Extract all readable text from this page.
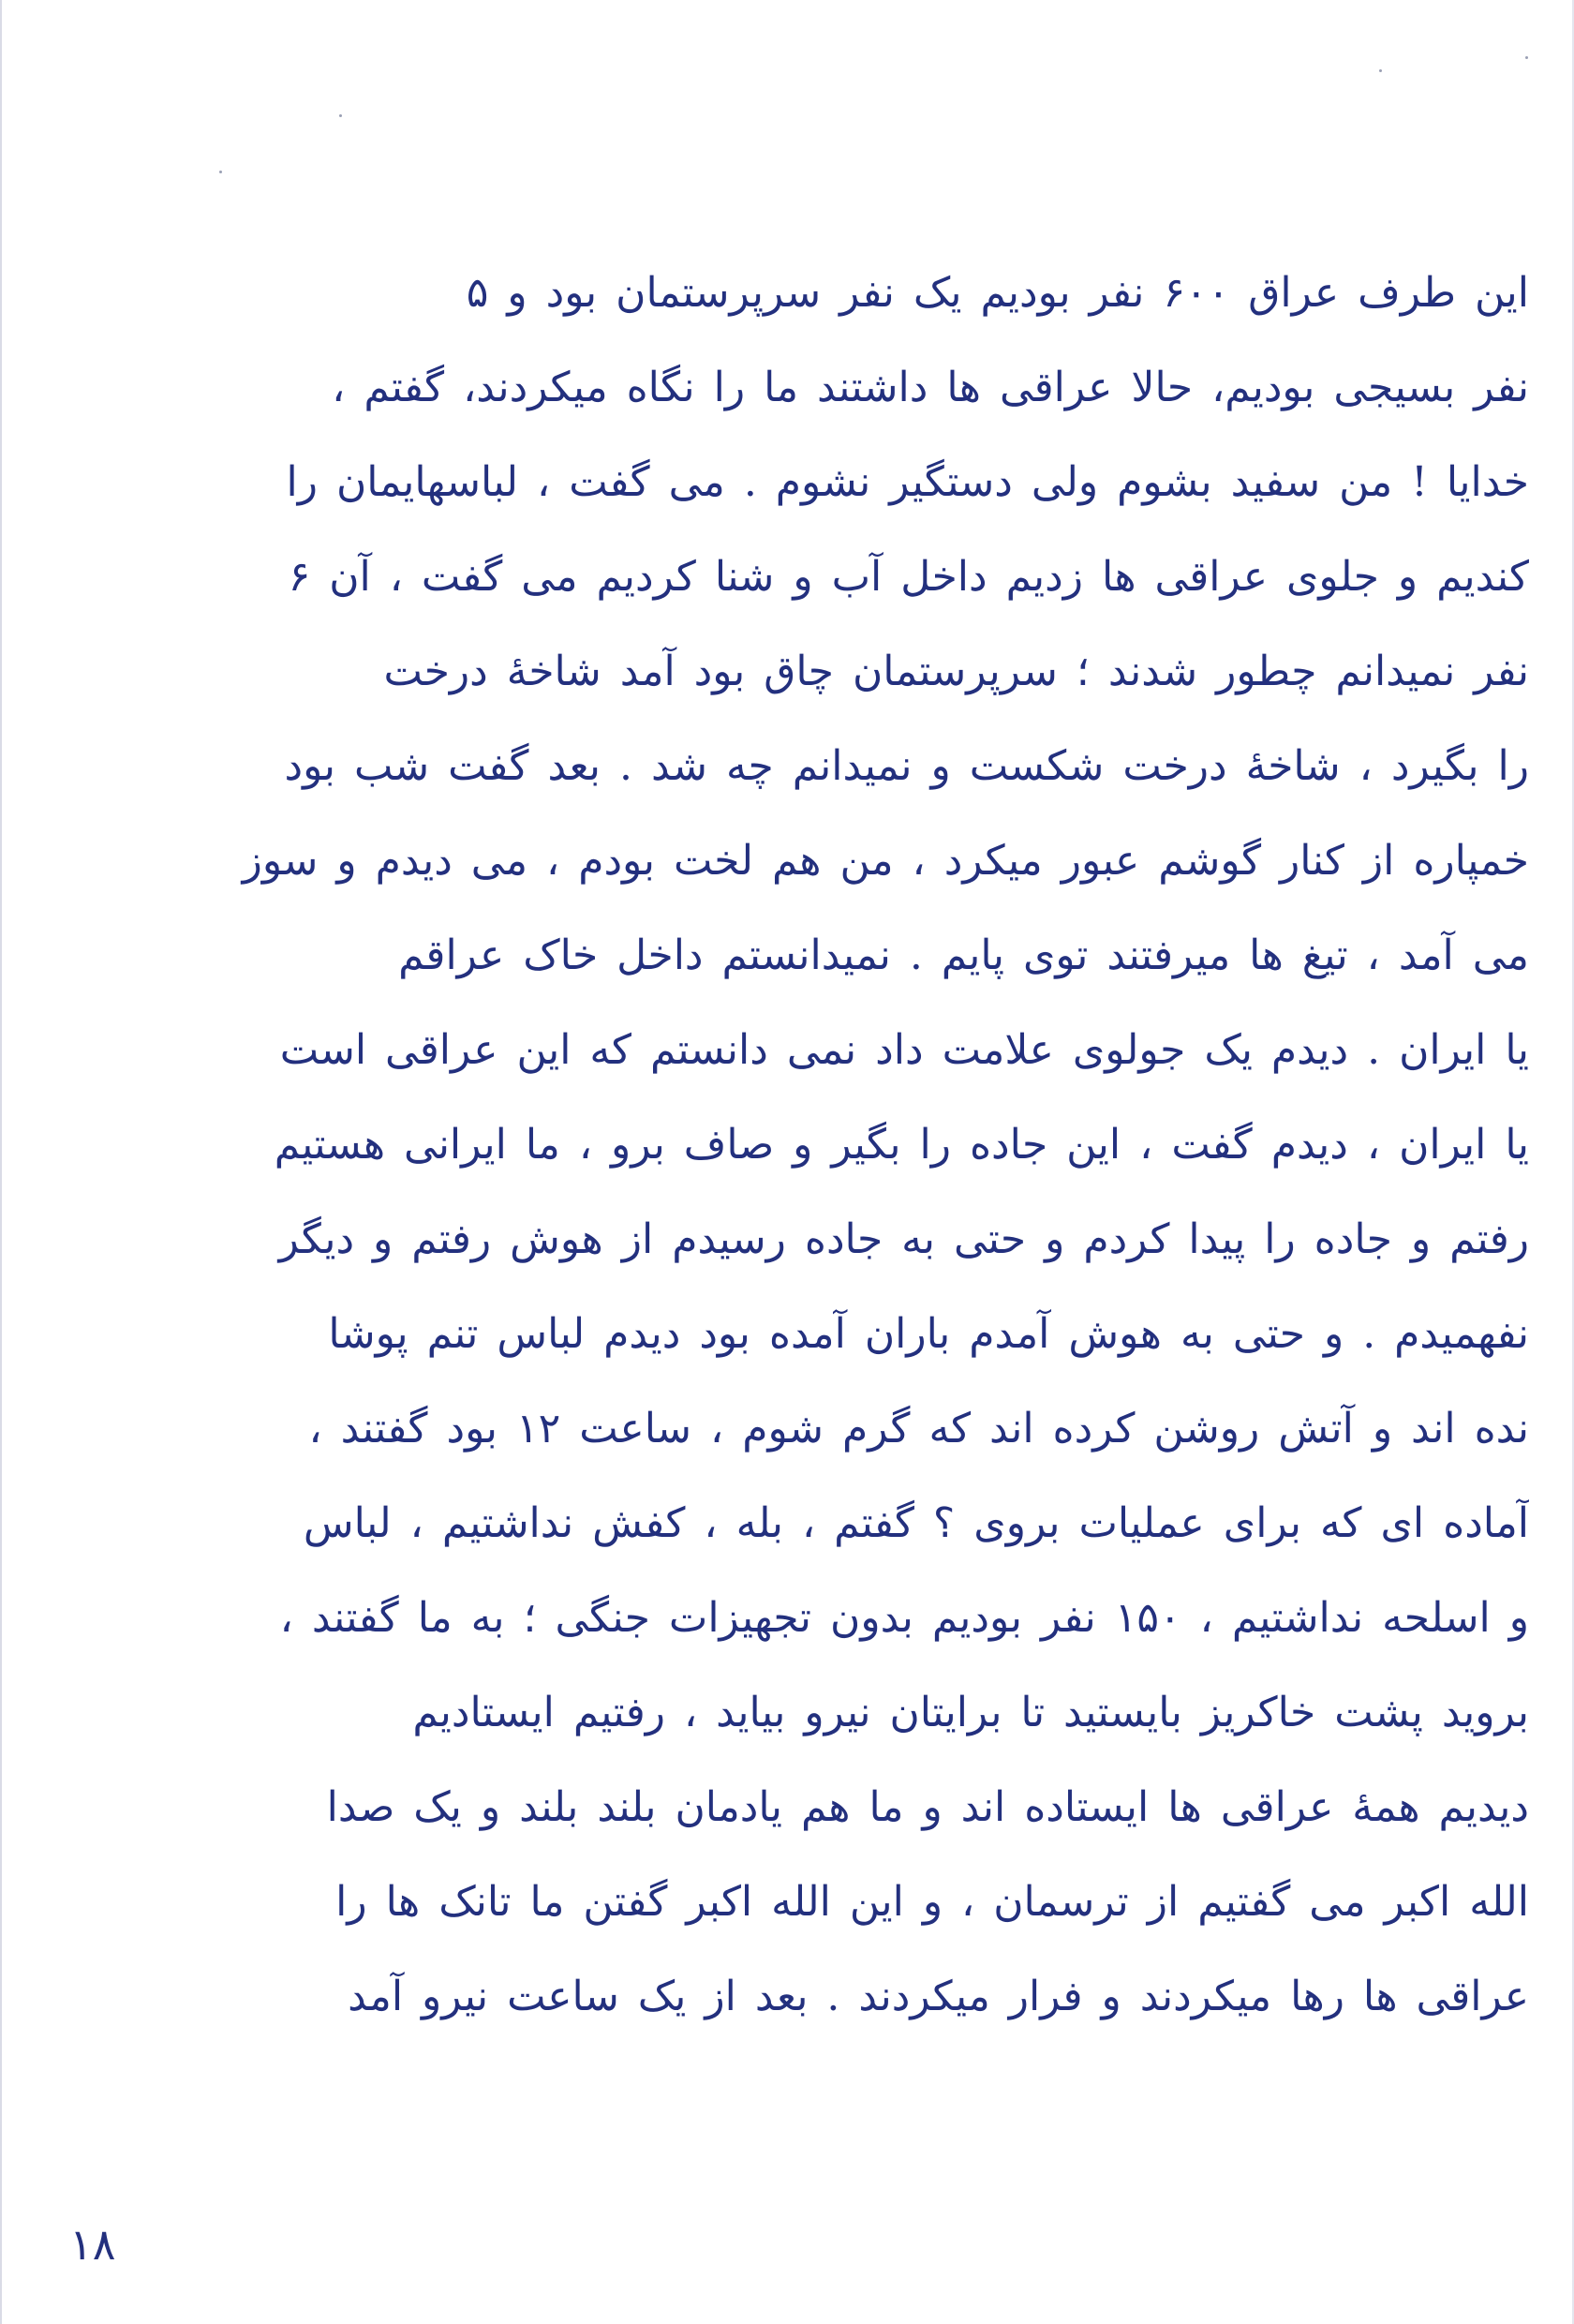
این طرف عراق ۶۰۰ نفر بودیم یک نفر سرپرستمان بود و ۵
نفر بسیجی بودیم، حالا عراقی ها داشتند ما را نگاه میکردند، گفتم ،
خدایا ! من سفید بشوم ولی دستگیر نشوم . می گفت ، لباسهایمان را
کندیم و جلوی عراقی ها زدیم داخل آب و شنا کردیم می گفت ، آن ۶
نفر نمیدانم چطور شدند ؛ سرپرستمان چاق بود آمد شاخهٔ درخت
را بگیرد ، شاخهٔ درخت شکست و نمیدانم چه شد . بعد گفت شب بود
خمپاره از کنار گوشم عبور میکرد ، من هم لخت بودم ، می دیدم و سوز
می آمد ، تیغ ها میرفتند توی پایم . نمیدانستم داخل خاک عراقم
یا ایران . دیدم یک جولوی علامت داد نمی دانستم که این عراقی است
یا ایران ، دیدم گفت ، این جاده را بگیر و صاف برو ، ما ایرانی هستیم
رفتم و جاده را پیدا کردم و حتی به جاده رسیدم از هوش رفتم و دیگر
نفهمیدم . و حتی به هوش آمدم باران آمده بود دیدم لباس تنم پوشا
نده اند و آتش روشن کرده اند که گرم شوم ، ساعت ۱۲ بود گفتند ،
آماده ای که برای عملیات بروی ؟ گفتم ، بله ، کفش نداشتیم ، لباس
و اسلحه نداشتیم ، ۱۵۰ نفر بودیم بدون تجهیزات جنگی ؛ به ما گفتند ،
بروید پشت خاکریز بایستید تا برایتان نیرو بیاید ، رفتیم ایستادیم
دیدیم همهٔ عراقی ها ایستاده اند و ما هم یادمان بلند بلند و یک صدا
الله اکبر می گفتیم از ترسمان ، و این الله اکبر گفتن ما تانک ها را
عراقی ها رها میکردند و فرار میکردند . بعد از یک ساعت نیرو آمد
۱۸
